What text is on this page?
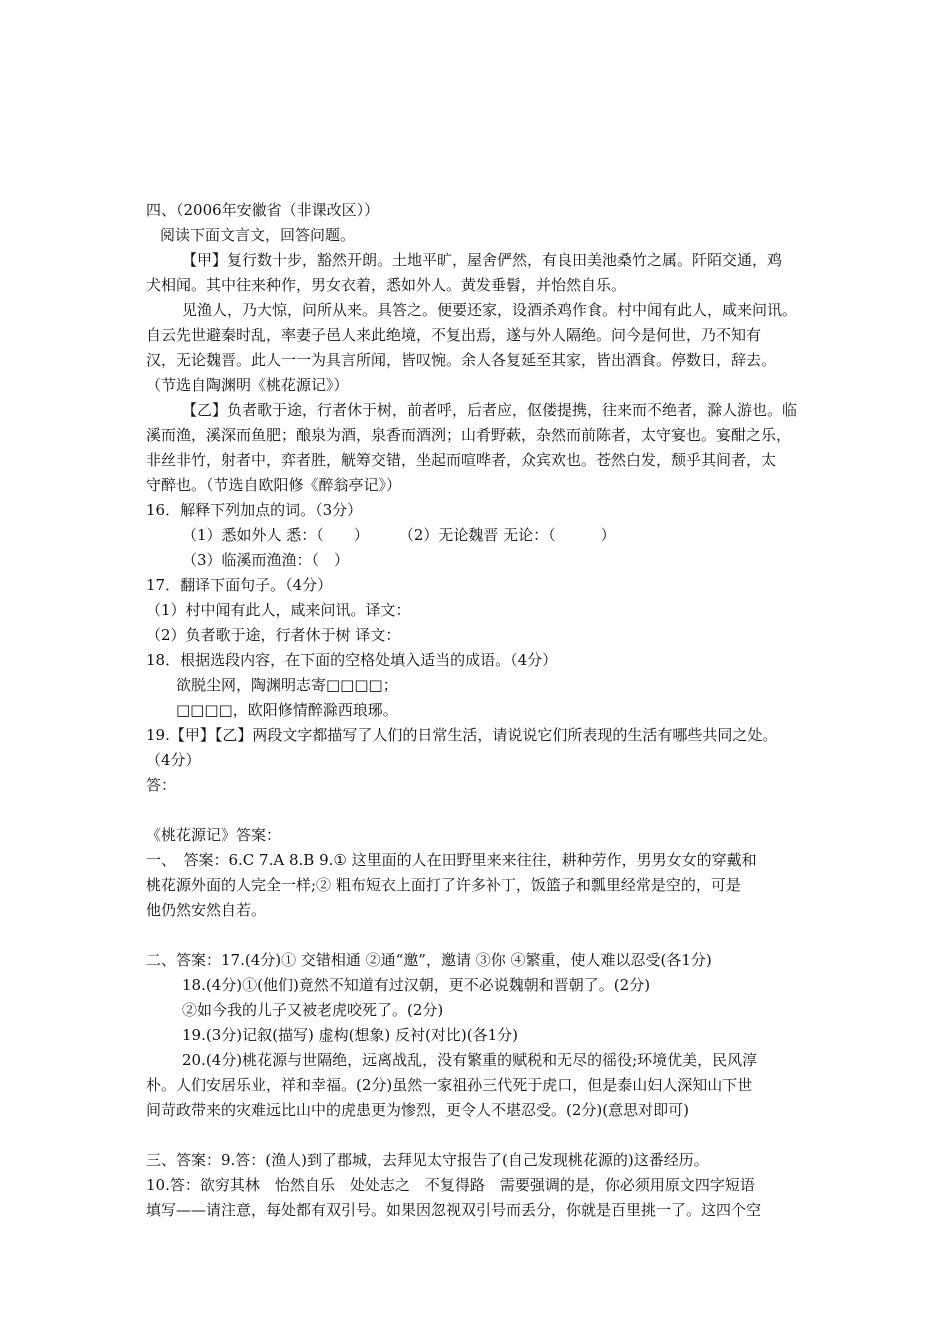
四、（2006年安徽省（非课改区））
阅读下面文言文，回答问题。
【甲】复行数十步，豁然开朗。土地平旷，屋舍俨然，有良田美池桑竹之属。阡陌交通，鸡
犬相闻。其中往来种作，男女衣着，悉如外人。黄发垂髫，并怡然自乐。
见渔人，乃大惊，问所从来。具答之。便要还家，设酒杀鸡作食。村中闻有此人，咸来问讯。
自云先世避秦时乱，率妻子邑人来此绝境，不复出焉，遂与外人隔绝。问今是何世，乃不知有
汉，无论魏晋。此人一一为具言所闻，皆叹惋。余人各复延至其家，皆出酒食。停数日，辞去。
（节选自陶渊明《桃花源记》）
【乙】负者歌于途，行者休于树，前者呼，后者应，伛偻提携，往来而不绝者，滁人游也。临
溪而渔，溪深而鱼肥；酿泉为酒，泉香而酒洌；山肴野蔌，杂然而前陈者，太守宴也。宴酣之乐，
非丝非竹，射者中，弈者胜，觥筹交错，坐起而喧哗者，众宾欢也。苍然白发，颓乎其间者，太
守醉也。（节选自欧阳修《醉翁亭记》）
16．解释下列加点的词。（3分）
（1）悉如外人 悉：（　　）　　　（2）无论魏晋 无论：（　　　）
（3）临溪而渔渔：（　）
17．翻译下面句子。（4分）
（1）村中闻有此人，咸来问讯。译文：
（2）负者歌于途，行者休于树 译文：
18．根据选段内容，在下面的空格处填入适当的成语。（4分）
欲脱尘网，陶渊明志寄□□□□；
□□□□，欧阳修情醉滁西琅琊。
19.【甲】【乙】两段文字都描写了人们的日常生活，请说说它们所表现的生活有哪些共同之处。
（4分）
答：
《桃花源记》答案：
一、　答案：6.C 7.A 8.B 9.① 这里面的人在田野里来来往往，耕种劳作，男男女女的穿戴和
桃花源外面的人完全一样;② 粗布短衣上面打了许多补丁，饭篮子和瓢里经常是空的，可是
他仍然安然自若。
二、答案：17.(4分)① 交错相通 ②通“邀”，邀请 ③你 ④繁重，使人难以忍受(各1分)
18.(4分)①(他们)竟然不知道有过汉朝，更不必说魏朝和晋朝了。(2分)
②如今我的儿子又被老虎咬死了。(2分)
19.(3分)记叙(描写) 虚构(想象) 反衬(对比)(各1分)
20.(4分)桃花源与世隔绝，远离战乱，没有繁重的赋税和无尽的徭役;环境优美，民风淳
朴。人们安居乐业，祥和幸福。(2分)虽然一家祖孙三代死于虎口，但是泰山妇人深知山下世
间苛政带来的灾难远比山中的虎患更为惨烈，更令人不堪忍受。(2分)(意思对即可)
三、答案：9.答：(渔人)到了郡城，去拜见太守报告了(自己发现桃花源的)这番经历。
10.答：欲穷其林　怡然自乐　处处志之　不复得路　需要强调的是，你必须用原文四字短语
填写——请注意，每处都有双引号。如果因忽视双引号而丢分，你就是百里挑一了。这四个空
